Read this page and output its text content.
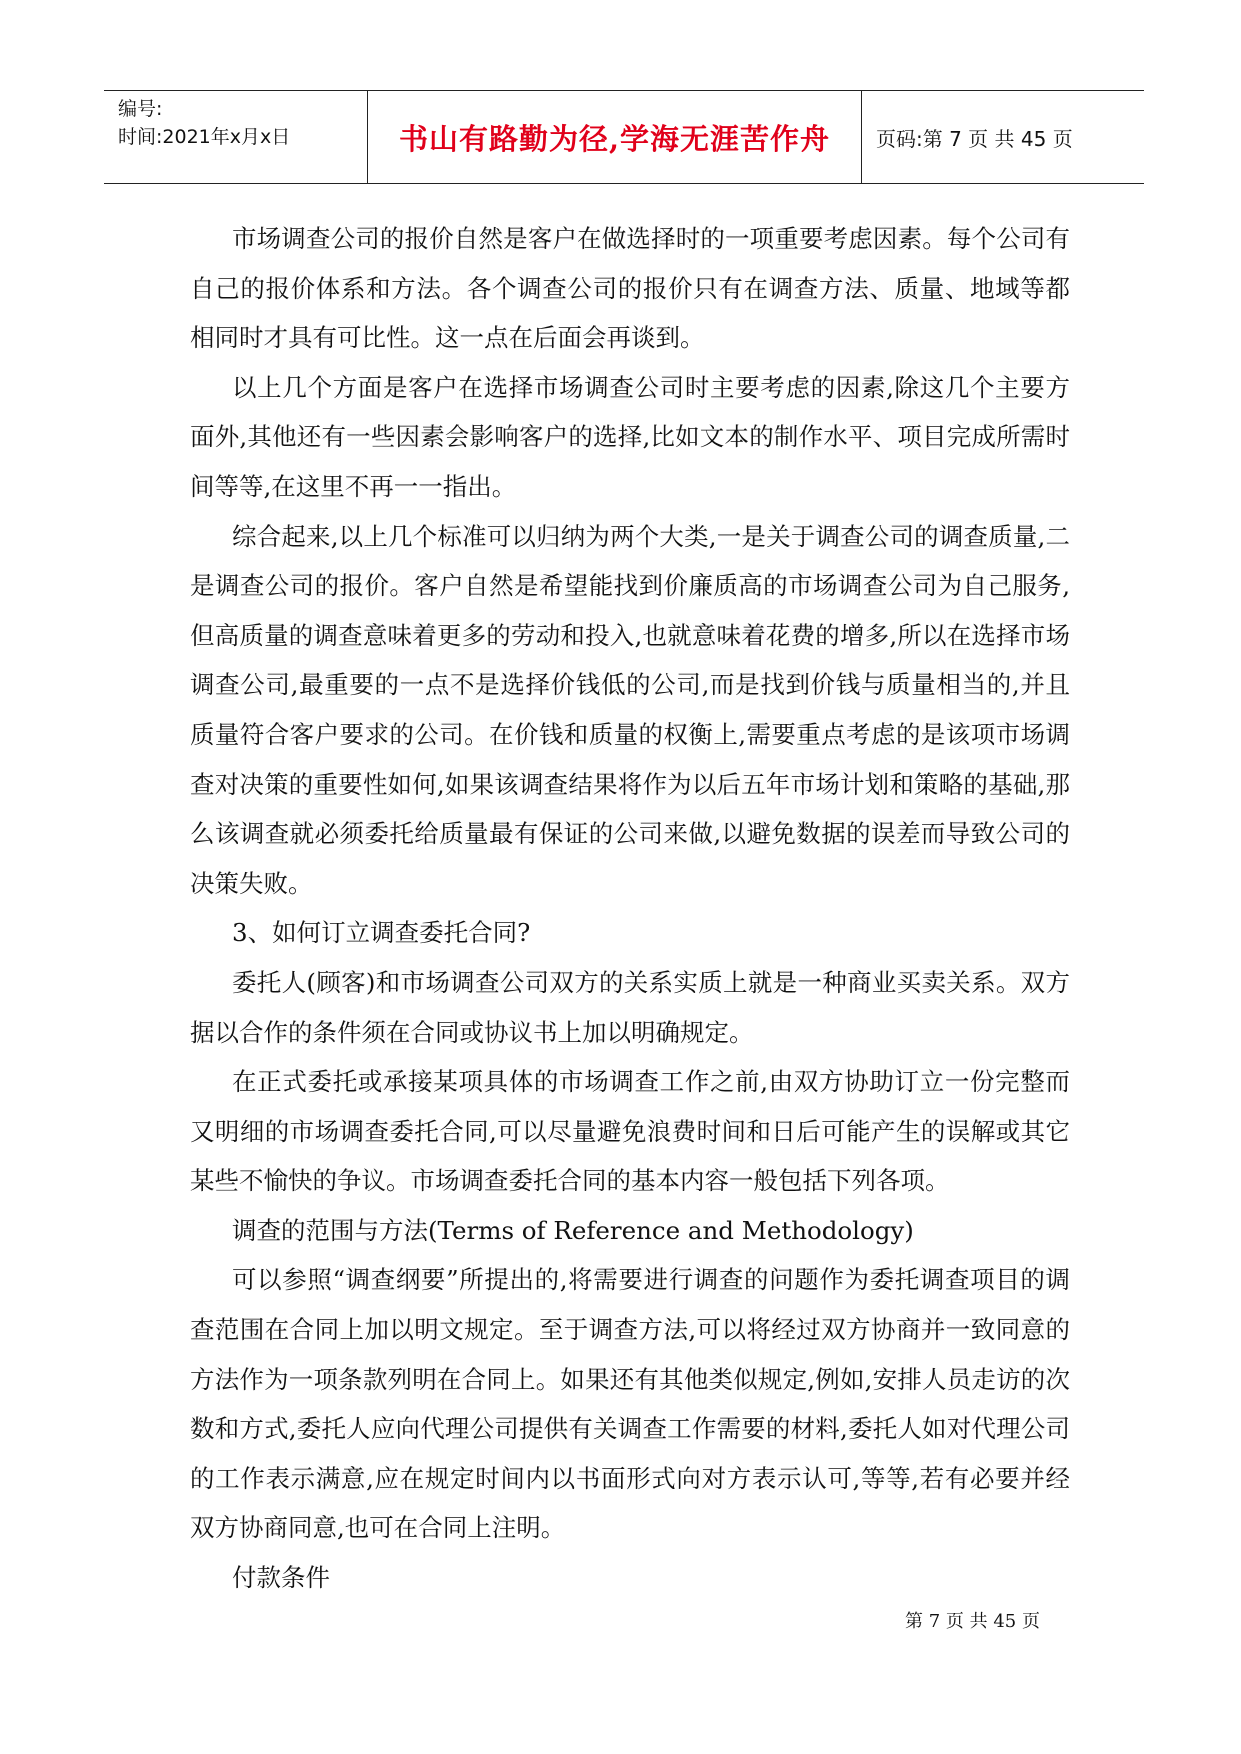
编号:
时间:2021年x月x日	书山有路勤为径,学海无涯苦作舟 页码:第 7 页 共 45 页

市场调查公司的报价自然是客户在做选择时的一项重要考虑因素。每个公司有自己的报价体系和方法。各个调查公司的报价只有在调查方法、质量、地域等都相同时才具有可比性。这一点在后面会再谈到。

以上几个方面是客户在选择市场调查公司时主要考虑的因素,除这几个主要方面外,其他还有一些因素会影响客户的选择,比如文本的制作水平、项目完成所需时间等等,在这里不再一一指出。

综合起来,以上几个标准可以归纳为两个大类,一是关于调查公司的调查质量,二是调查公司的报价。客户自然是希望能找到价廉质高的市场调查公司为自己服务,但高质量的调查意味着更多的劳动和投入,也就意味着花费的增多,所以在选择市场调查公司,最重要的一点不是选择价钱低的公司,而是找到价钱与质量相当的,并且质量符合客户要求的公司。在价钱和质量的权衡上,需要重点考虑的是该项市场调查对决策的重要性如何,如果该调查结果将作为以后五年市场计划和策略的基础,那么该调查就必须委托给质量最有保证的公司来做,以避免数据的误差而导致公司的决策失败。

3、如何订立调查委托合同?

委托人(顾客)和市场调查公司双方的关系实质上就是一种商业买卖关系。双方据以合作的条件须在合同或协议书上加以明确规定。

在正式委托或承接某项具体的市场调查工作之前,由双方协助订立一份完整而又明细的市场调查委托合同,可以尽量避免浪费时间和日后可能产生的误解或其它某些不愉快的争议。市场调查委托合同的基本内容一般包括下列各项。

调查的范围与方法(Terms of Reference and Methodology)

可以参照“调查纲要”所提出的,将需要进行调查的问题作为委托调查项目的调查范围在合同上加以明文规定。至于调查方法,可以将经过双方协商并一致同意的方法作为一项条款列明在合同上。如果还有其他类似规定,例如,安排人员走访的次数和方式,委托人应向代理公司提供有关调查工作需要的材料,委托人如对代理公司的工作表示满意,应在规定时间内以书面形式向对方表示认可,等等,若有必要并经双方协商同意,也可在合同上注明。

付款条件

第 7 页 共 45 页
